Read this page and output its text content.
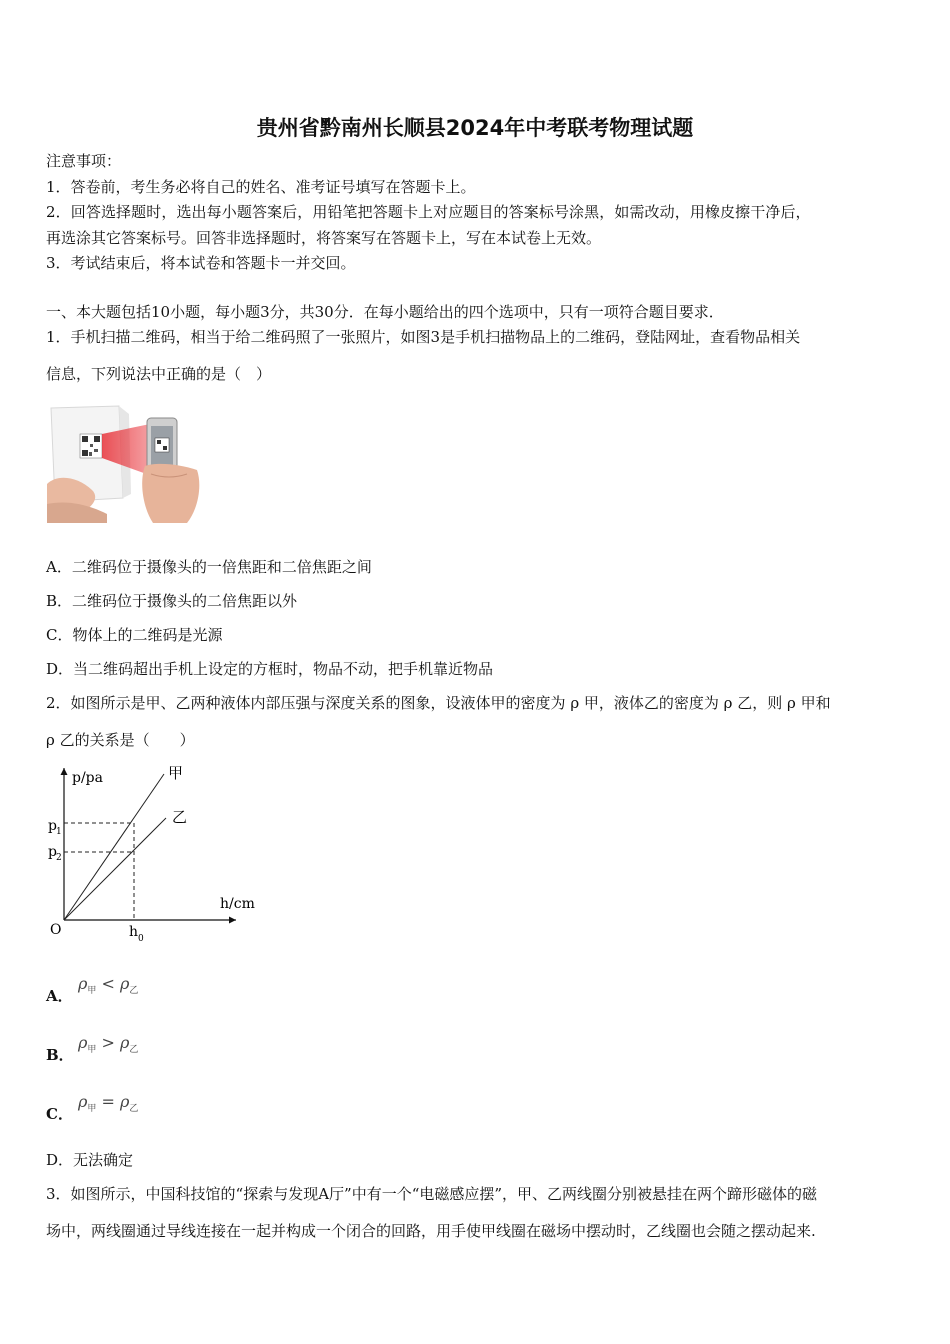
贵州省黔南州长顺县2024年中考联考物理试题
注意事项：
1．答卷前，考生务必将自己的姓名、准考证号填写在答题卡上。
2．回答选择题时，选出每小题答案后，用铅笔把答题卡上对应题目的答案标号涂黑，如需改动，用橡皮擦干净后，
再选涂其它答案标号。回答非选择题时，将答案写在答题卡上，写在本试卷上无效。
3．考试结束后，将本试卷和答题卡一并交回。
一、本大题包括10小题，每小题3分，共30分．在每小题给出的四个选项中，只有一项符合题目要求．
1．手机扫描二维码，相当于给二维码照了一张照片，如图3是手机扫描物品上的二维码，登陆网址，查看物品相关
信息，下列说法中正确的是（　）
A．二维码位于摄像头的一倍焦距和二倍焦距之间
B．二维码位于摄像头的二倍焦距以外
C．物体上的二维码是光源
D．当二维码超出手机上设定的方框时，物品不动，把手机靠近物品
2．如图所示是甲、乙两种液体内部压强与深度关系的图象，设液体甲的密度为 ρ 甲，液体乙的密度为 ρ 乙，则 ρ 甲和
ρ 乙的关系是（　　）
p/pa
h/cm
O
p 1
p 2
h 0
甲
乙
A．
$\rho_甲 < \rho_乙$
B．
$\rho_甲 > \rho_乙$
C．
$\rho_甲 = \rho_乙$
D．无法确定
3．如图所示，中国科技馆的“探索与发现A厅”中有一个“电磁感应摆”，甲、乙两线圈分别被悬挂在两个蹄形磁体的磁
场中，两线圈通过导线连接在一起并构成一个闭合的回路，用手使甲线圈在磁场中摆动时，乙线圈也会随之摆动起来.
